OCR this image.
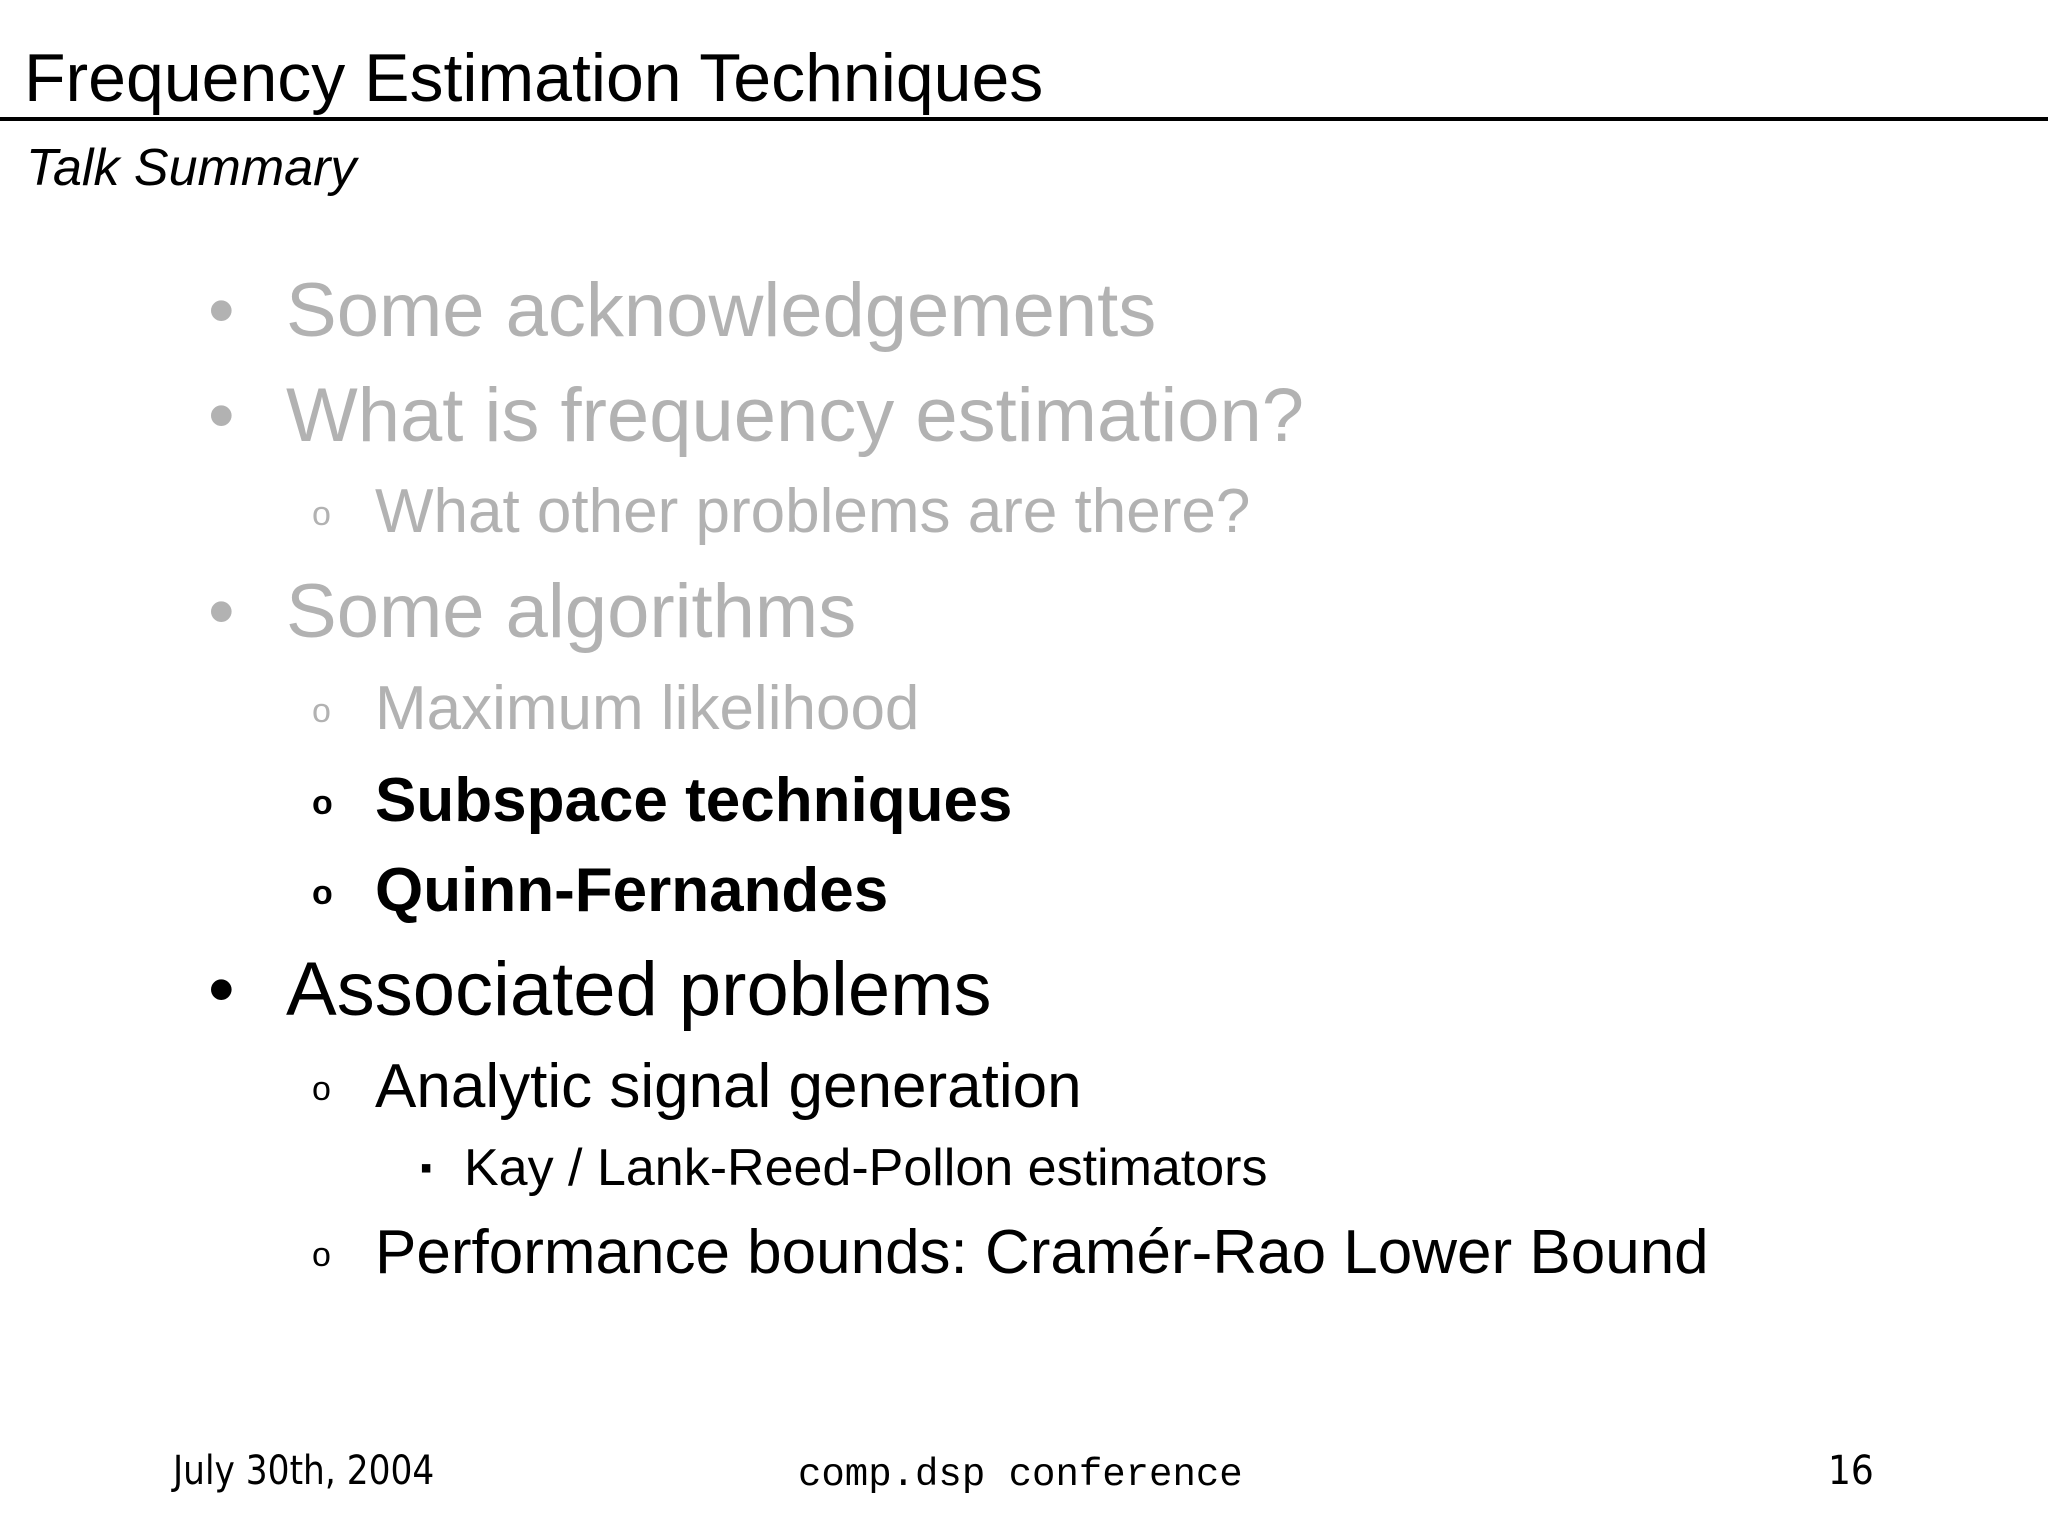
Frequency Estimation Techniques
Talk Summary
• Some acknowledgements
• What is frequency estimation?
o What other problems are there?
• Some algorithms
o Maximum likelihood
o Subspace techniques
o Quinn-Fernandes
• Associated problems
o Analytic signal generation
▪ Kay / Lank-Reed-Pollon estimators
o Performance bounds: Cramér-Rao Lower Bound
July 30th, 2004	comp.dsp conference	16
